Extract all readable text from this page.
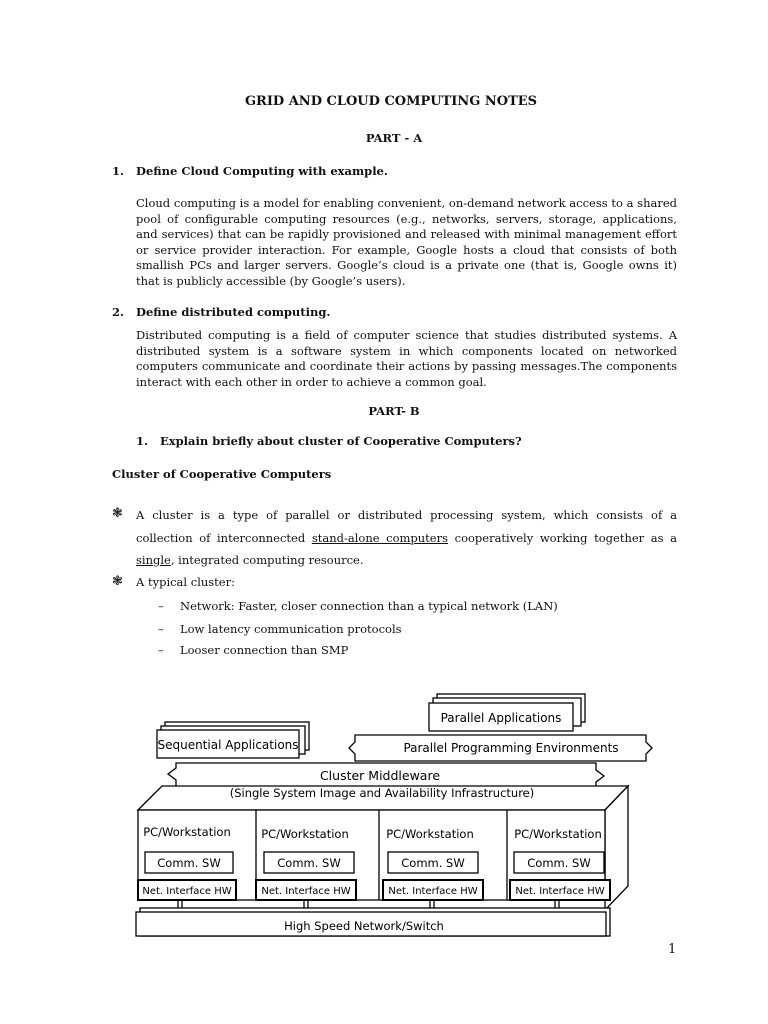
GRID AND CLOUD COMPUTING NOTES
PART - A
1. Define Cloud Computing with example.
Cloud computing is a model for enabling convenient, on-demand network access to a shared pool of configurable computing resources (e.g., networks, servers, storage, applications, and services) that can be rapidly provisioned and released with minimal management effort or service provider interaction. For example, Google hosts a cloud that consists of both smallish PCs and larger servers. Google’s cloud is a private one (that is, Google owns it) that is publicly accessible (by Google’s users).
2. Define distributed computing.
Distributed computing is a field of computer science that studies distributed systems. A distributed system is a software system in which components located on networked computers communicate and coordinate their actions by passing messages.The components interact with each other in order to achieve a common goal.
PART- B
1. Explain briefly about cluster of Cooperative Computers?
Cluster of Cooperative Computers
❃ A cluster is a type of parallel or distributed processing system, which consists of a collection of interconnected stand-alone computers cooperatively working together as a single, integrated computing resource.
❃ A typical cluster:
– Network: Faster, closer connection than a typical network (LAN)
– Low latency communication protocols
– Looser connection than SMP
Parallel Applications
Sequential Applications	Parallel Programming Environments
Cluster Middleware
(Single System Image and Availability Infrastructure)
PC/Workstation	PC/Workstation	PC/Workstation	PC/Workstation
Comm. SW	Comm. SW	Comm. SW	Comm. SW
Net. Interface HW	Net. Interface HW	Net. Interface HW	Net. Interface HW
High Speed Network/Switch
1
